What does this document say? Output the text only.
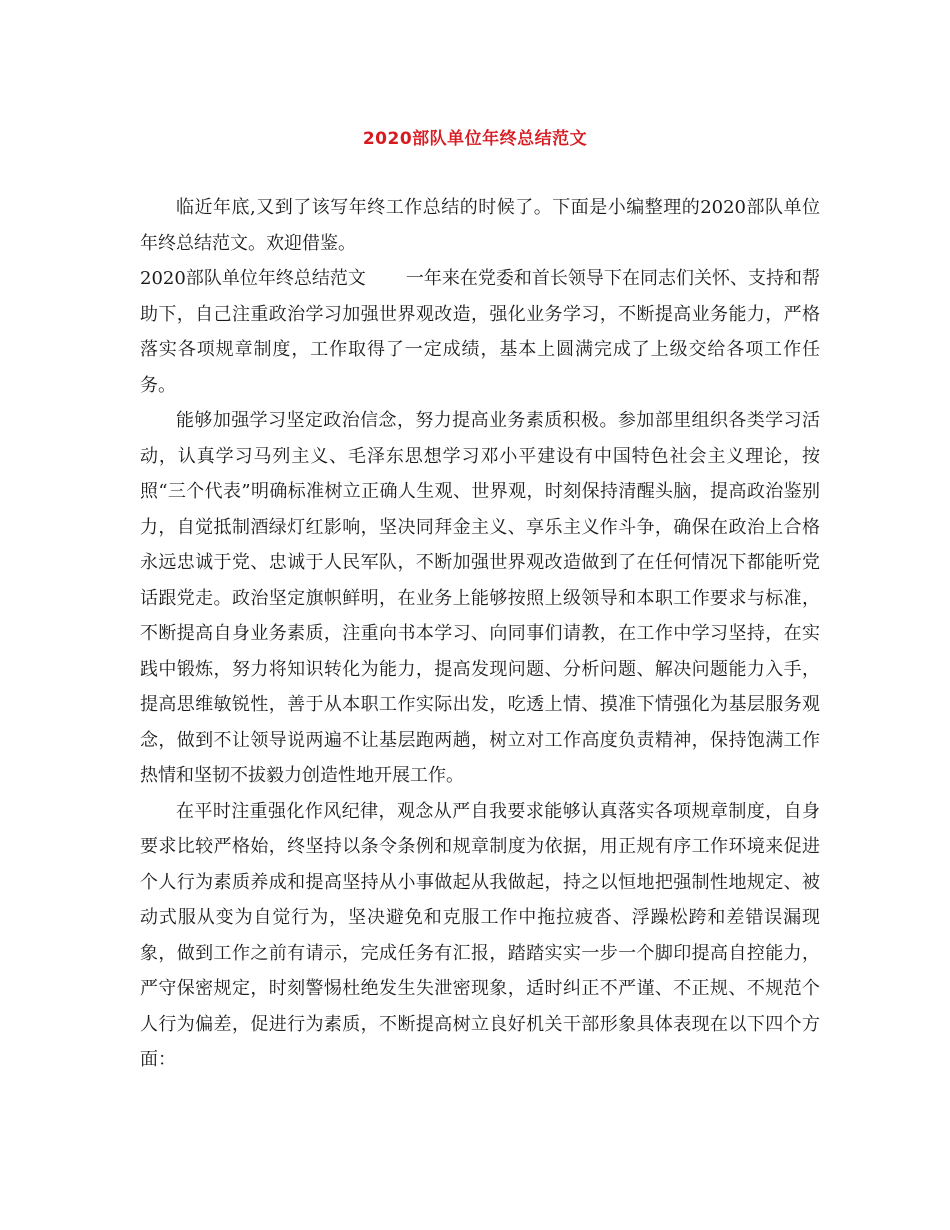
2020部队单位年终总结范文

临近年底,又到了该写年终工作总结的时候了。下面是小编整理的2020部队单位年终总结范文。欢迎借鉴。

2020部队单位年终总结范文 一年来在党委和首长领导下在同志们关怀、支持和帮助下，自己注重政治学习加强世界观改造，强化业务学习，不断提高业务能力，严格落实各项规章制度，工作取得了一定成绩，基本上圆满完成了上级交给各项工作任务。

能够加强学习坚定政治信念，努力提高业务素质积极。参加部里组织各类学习活动，认真学习马列主义、毛泽东思想学习邓小平建设有中国特色社会主义理论，按照“三个代表”明确标准树立正确人生观、世界观，时刻保持清醒头脑，提高政治鉴别力，自觉抵制酒绿灯红影响，坚决同拜金主义、享乐主义作斗争，确保在政治上合格永远忠诚于党、忠诚于人民军队，不断加强世界观改造做到了在任何情况下都能听党话跟党走。政治坚定旗帜鲜明，在业务上能够按照上级领导和本职工作要求与标准，不断提高自身业务素质，注重向书本学习、向同事们请教，在工作中学习坚持，在实践中锻炼，努力将知识转化为能力，提高发现问题、分析问题、解决问题能力入手，提高思维敏锐性，善于从本职工作实际出发，吃透上情、摸准下情强化为基层服务观念，做到不让领导说两遍不让基层跑两趟，树立对工作高度负责精神，保持饱满工作热情和坚韧不拔毅力创造性地开展工作。

在平时注重强化作风纪律，观念从严自我要求能够认真落实各项规章制度，自身要求比较严格始，终坚持以条令条例和规章制度为依据，用正规有序工作环境来促进个人行为素质养成和提高坚持从小事做起从我做起，持之以恒地把强制性地规定、被动式服从变为自觉行为，坚决避免和克服工作中拖拉疲沓、浮躁松跨和差错误漏现象，做到工作之前有请示，完成任务有汇报，踏踏实实一步一个脚印提高自控能力，严守保密规定，时刻警惕杜绝发生失泄密现象，适时纠正不严谨、不正规、不规范个人行为偏差，促进行为素质，不断提高树立良好机关干部形象具体表现在以下四个方面：
